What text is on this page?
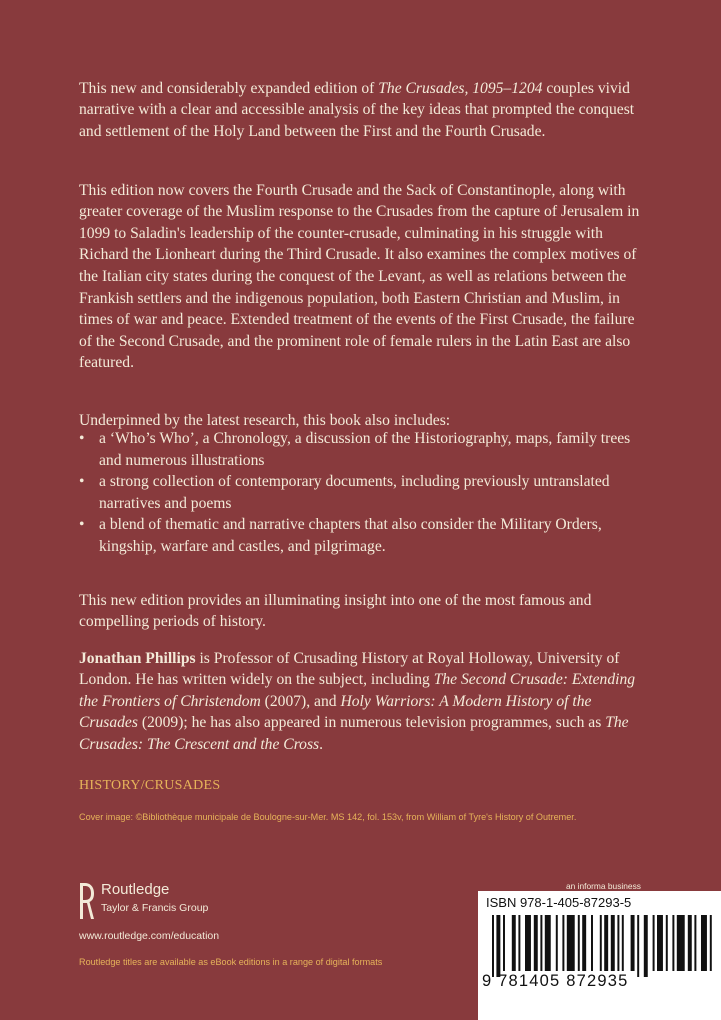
This new and considerably expanded edition of The Crusades, 1095–1204 couples vivid narrative with a clear and accessible analysis of the key ideas that prompted the conquest and settlement of the Holy Land between the First and the Fourth Crusade.

This edition now covers the Fourth Crusade and the Sack of Constantinople, along with greater coverage of the Muslim response to the Crusades from the capture of Jerusalem in 1099 to Saladin's leadership of the counter-crusade, culminating in his struggle with Richard the Lionheart during the Third Crusade. It also examines the complex motives of the Italian city states during the conquest of the Levant, as well as relations between the Frankish settlers and the indigenous population, both Eastern Christian and Muslim, in times of war and peace. Extended treatment of the events of the First Crusade, the failure of the Second Crusade, and the prominent role of female rulers in the Latin East are also featured.

Underpinned by the latest research, this book also includes:

• a ‘Who’s Who’, a Chronology, a discussion of the Historiography, maps, family trees and numerous illustrations
• a strong collection of contemporary documents, including previously untranslated narratives and poems
• a blend of thematic and narrative chapters that also consider the Military Orders, kingship, warfare and castles, and pilgrimage.

This new edition provides an illuminating insight into one of the most famous and compelling periods of history.

Jonathan Phillips is Professor of Crusading History at Royal Holloway, University of London. He has written widely on the subject, including The Second Crusade: Extending the Frontiers of Christendom (2007), and Holy Warriors: A Modern History of the Crusades (2009); he has also appeared in numerous television programmes, such as The Crusades: The Crescent and the Cross.

HISTORY/CRUSADES
Cover image: ©Bibliothèque municipale de Boulogne-sur-Mer. MS 142, fol. 153v, from William of Tyre's History of Outremer.
Routledge
Taylor & Francis Group
www.routledge.com/education
Routledge titles are available as eBook editions in a range of digital formats
an informa business
ISBN 978-1-405-87293-5
9 781405 872935
